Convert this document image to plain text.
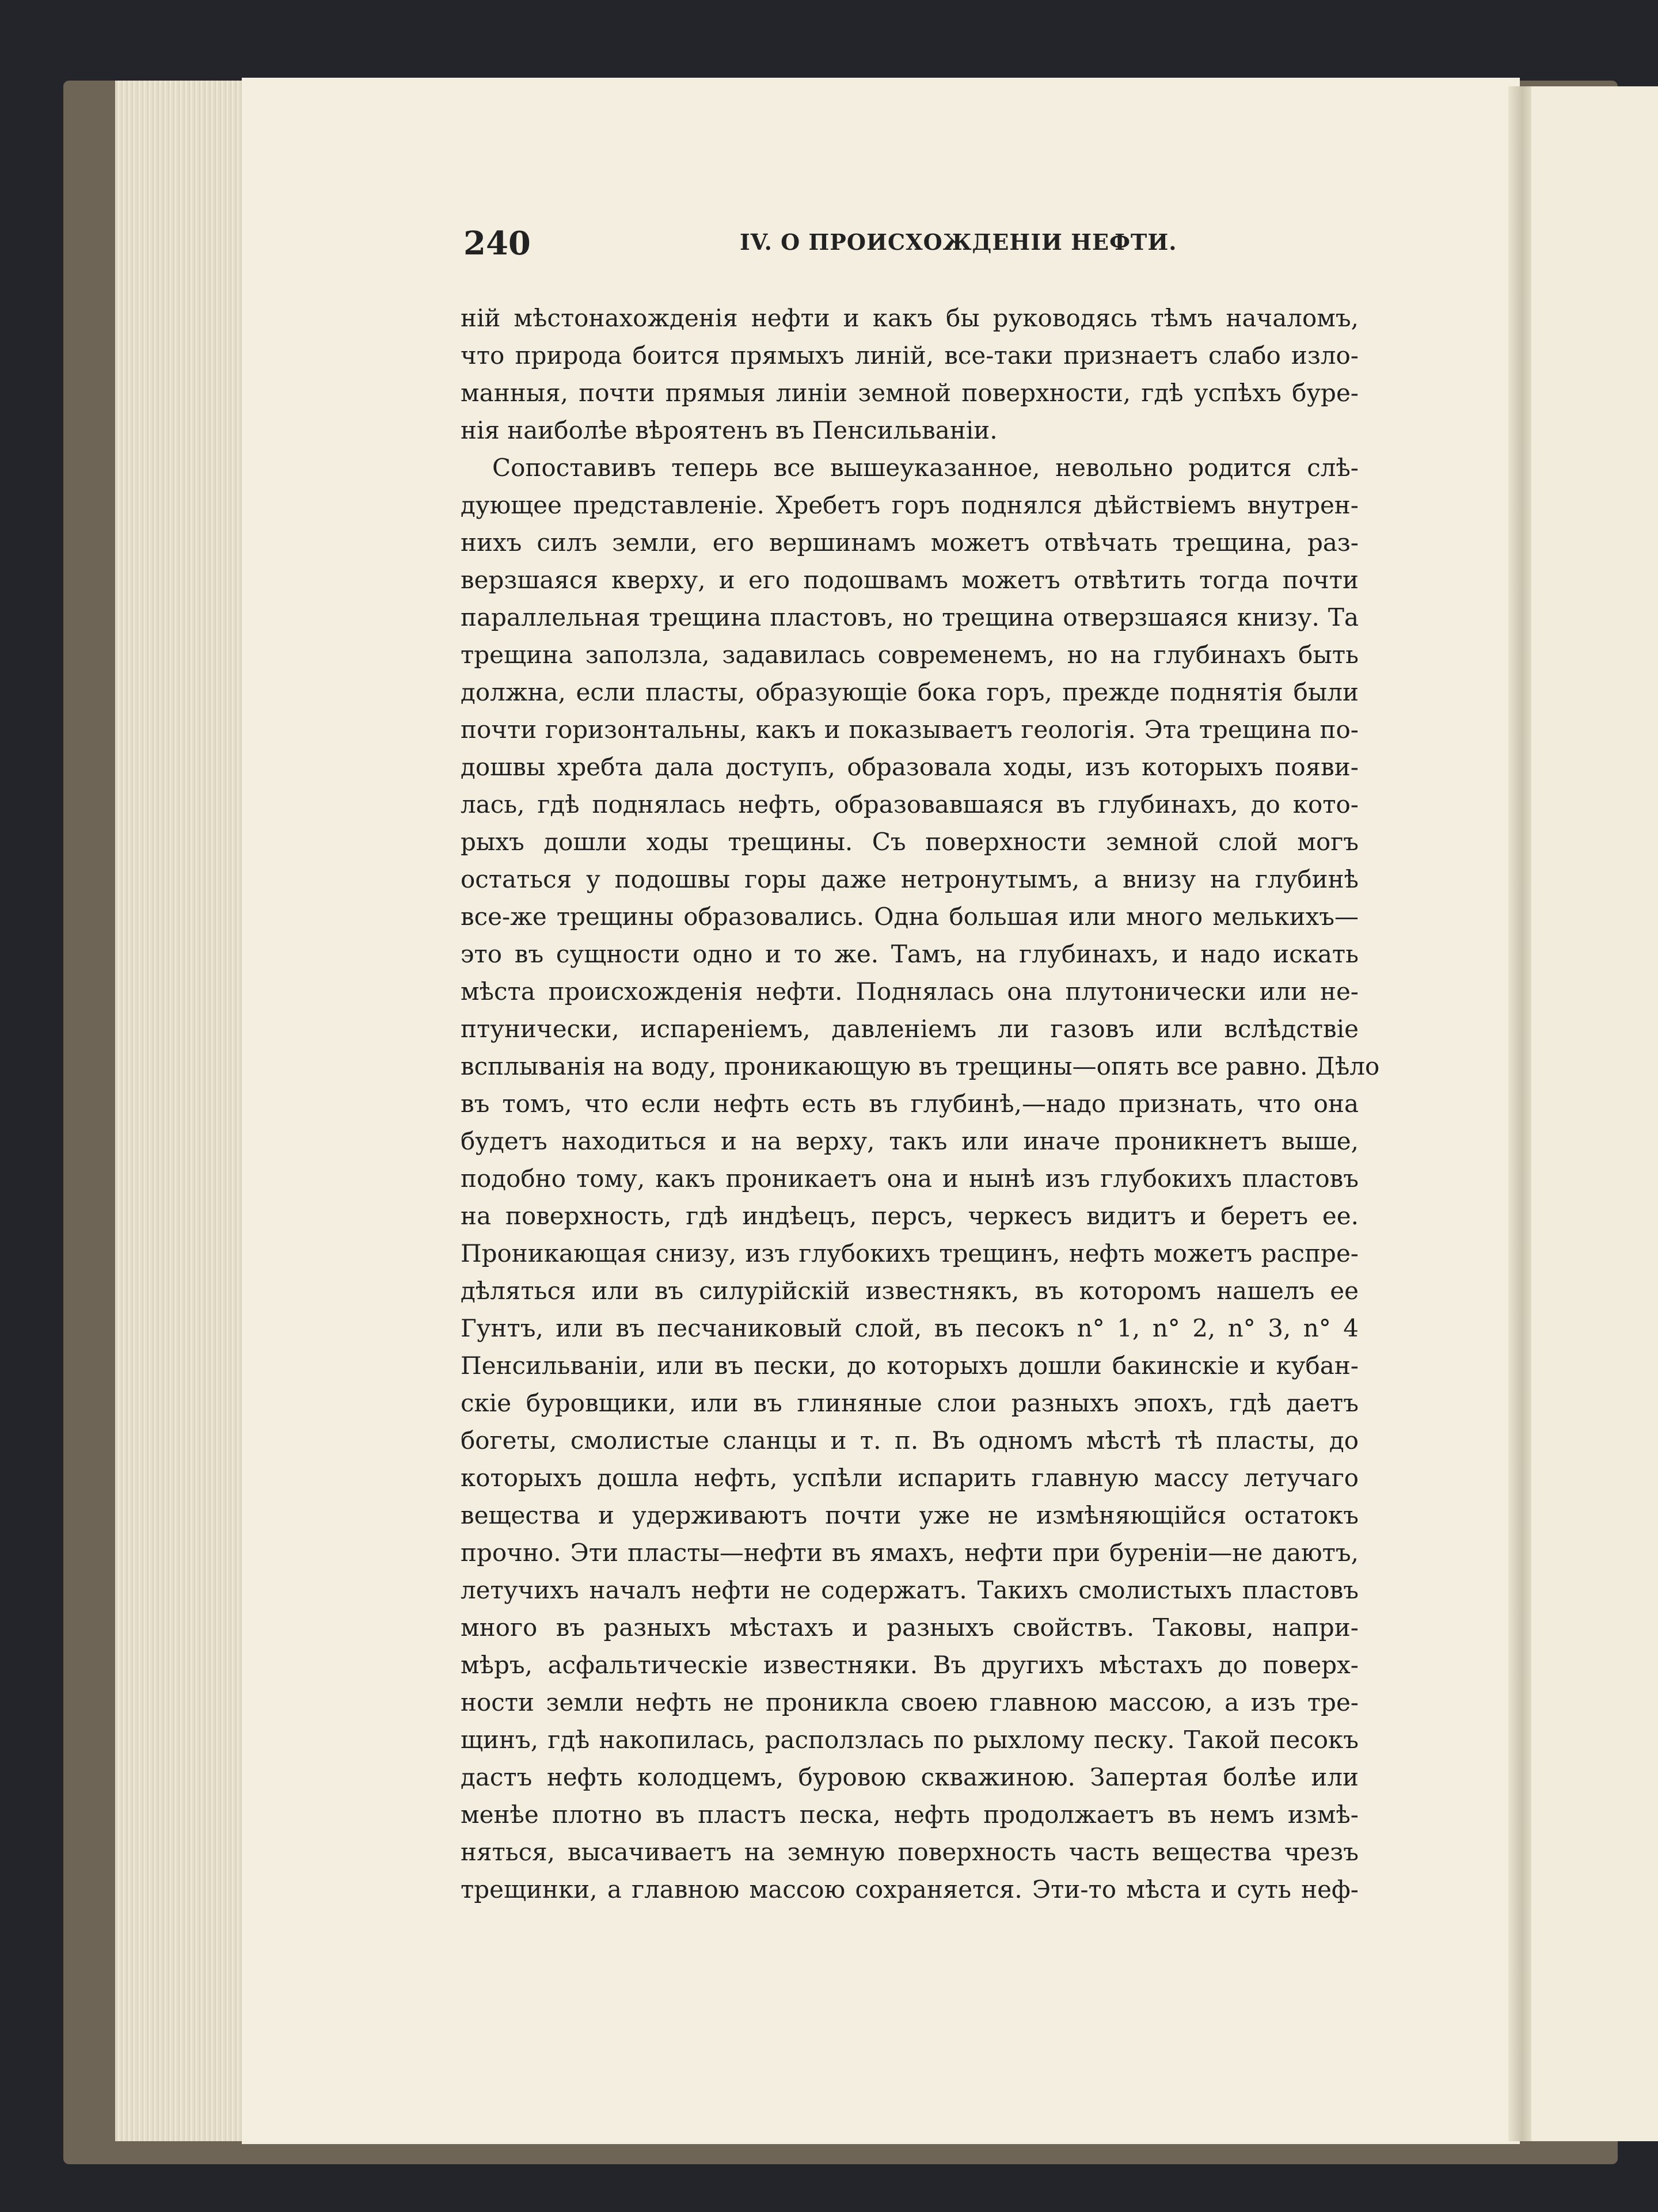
240	IV. О ПРОИСХОЖДЕНІИ НЕФТИ.
ній мѣстонахожденія нефти и какъ бы руководясь тѣмъ началомъ,
что природа боится прямыхъ линій, все-таки признаетъ слабо изло-
манныя, почти прямыя линіи земной поверхности, гдѣ успѣхъ буре-
нія наиболѣе вѣроятенъ въ Пенсильваніи.
Сопоставивъ теперь все вышеуказанное, невольно родится слѣ-
дующее представленіе. Хребетъ горъ поднялся дѣйствіемъ внутрен-
нихъ силъ земли, его вершинамъ можетъ отвѣчать трещина, раз-
верзшаяся кверху, и его подошвамъ можетъ отвѣтить тогда почти
параллельная трещина пластовъ, но трещина отверзшаяся книзу. Та
трещина заползла, задавилась современемъ, но на глубинахъ быть
должна, если пласты, образующіе бока горъ, прежде поднятія были
почти горизонтальны, какъ и показываетъ геологія. Эта трещина по-
дошвы хребта дала доступъ, образовала ходы, изъ которыхъ появи-
лась, гдѣ поднялась нефть, образовавшаяся въ глубинахъ, до кото-
рыхъ дошли ходы трещины. Съ поверхности земной слой могъ
остаться у подошвы горы даже нетронутымъ, а внизу на глубинѣ
все-же трещины образовались. Одна большая или много мелькихъ—
это въ сущности одно и то же. Тамъ, на глубинахъ, и надо искать
мѣста происхожденія нефти. Поднялась она плутонически или не-
птунически, испареніемъ, давленіемъ ли газовъ или вслѣдствіе
всплыванія на воду, проникающую въ трещины—опять все равно. Дѣло
въ томъ, что если нефть есть въ глубинѣ,—надо признать, что она
будетъ находиться и на верху, такъ или иначе проникнетъ выше,
подобно тому, какъ проникаетъ она и нынѣ изъ глубокихъ пластовъ
на поверхность, гдѣ индѣецъ, персъ, черкесъ видитъ и беретъ ее.
Проникающая снизу, изъ глубокихъ трещинъ, нефть можетъ распре-
дѣляться или въ силурійскій известнякъ, въ которомъ нашелъ ее
Гунтъ, или въ песчаниковый слой, въ песокъ n° 1, n° 2, n° 3, n° 4
Пенсильваніи, или въ пески, до которыхъ дошли бакинскіе и кубан-
скіе буровщики, или въ глиняные слои разныхъ эпохъ, гдѣ даетъ
богеты, смолистые сланцы и т. п. Въ одномъ мѣстѣ тѣ пласты, до
которыхъ дошла нефть, успѣли испарить главную массу летучаго
вещества и удерживаютъ почти уже не измѣняющійся остатокъ
прочно. Эти пласты—нефти въ ямахъ, нефти при буреніи—не даютъ,
летучихъ началъ нефти не содержатъ. Такихъ смолистыхъ пластовъ
много въ разныхъ мѣстахъ и разныхъ свойствъ. Таковы, напри-
мѣръ, асфальтическіе известняки. Въ другихъ мѣстахъ до поверх-
ности земли нефть не проникла своею главною массою, а изъ тре-
щинъ, гдѣ накопилась, расползлась по рыхлому песку. Такой песокъ
дастъ нефть колодцемъ, буровою скважиною. Запертая болѣе или
менѣе плотно въ пластъ песка, нефть продолжаетъ въ немъ измѣ-
няться, высачиваетъ на земную поверхность часть вещества чрезъ
трещинки, а главною массою сохраняется. Эти-то мѣста и суть неф-
